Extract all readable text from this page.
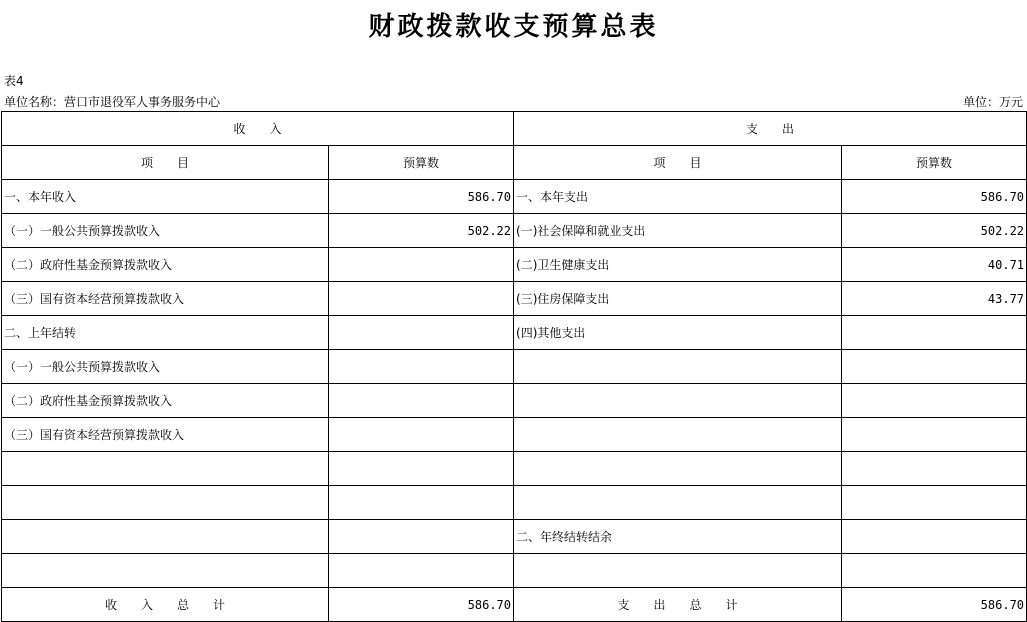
财政拨款收支预算总表
表4
单位名称：营口市退役军人事务服务中心	单位：万元
收　　入		支　　出	
项　　目	预算数	项　　目	预算数
一、本年收入	586.70	一、本年支出	586.70
（一）一般公共预算拨款收入	502.22	(一)社会保障和就业支出	502.22
（二）政府性基金预算拨款收入		(二)卫生健康支出	40.71
（三）国有资本经营预算拨款收入		(三)住房保障支出	43.77
二、上年结转		(四)其他支出	
（一）一般公共预算拨款收入			
（二）政府性基金预算拨款收入			
（三）国有资本经营预算拨款收入			

		二、年终结转结余	

收　　入　　总　　计	586.70	支　　出　　总　　计	586.70
